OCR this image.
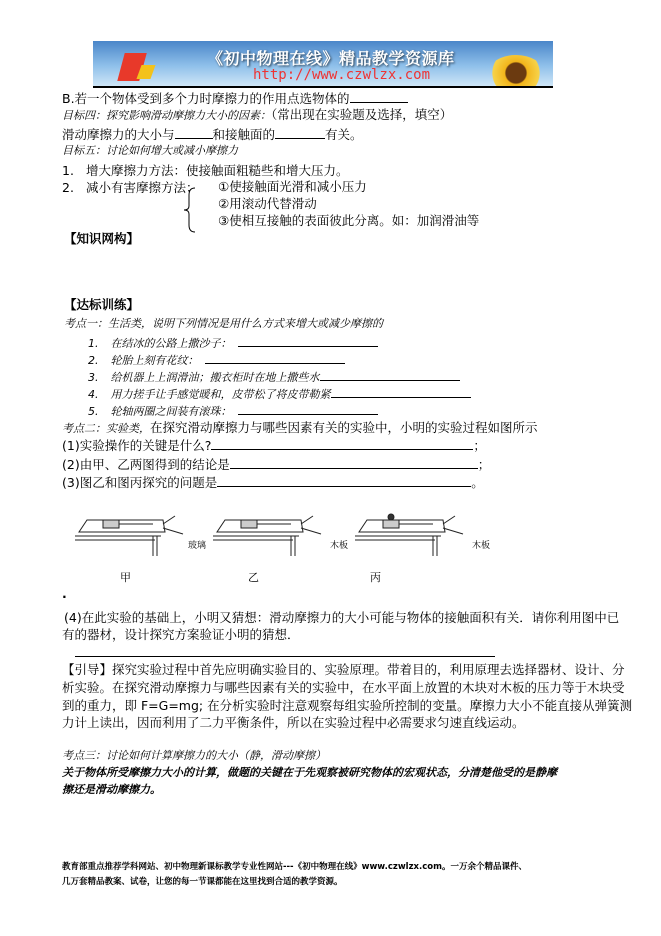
《初中物理在线》精品教学资源库
http://www.czwlzx.com
B.若一个物体受到多个力时摩擦力的作用点选物体的
目标四：探究影响滑动摩擦力大小的因素：（常出现在实验题及选择，填空）
滑动摩擦力的大小与	和接触面的	有关。
目标五：讨论如何增大或减小摩擦力
1. 增大摩擦力方法：使接触面粗糙些和增大压力。
2. 减小有害摩擦方法： ①使接触面光滑和减小压力
②用滚动代替滑动
③使相互接触的表面彼此分离。如：加润滑油等
【知识网构】
【达标训练】
考点一：生活类，说明下列情况是用什么方式来增大或减少摩擦的
1. 在结冰的公路上撒沙子：
2. 轮胎上刻有花纹：
3. 给机器上上润滑油；搬衣柜时在地上撒些水
4. 用力搓手让手感觉暖和，皮带松了将皮带勒紧
5. 轮轴两圈之间装有滚珠：
考点二：实验类，在探究滑动摩擦力与哪些因素有关的实验中，小明的实验过程如图所示
(1)实验操作的关键是什么?	；
(2)由甲、乙两图得到的结论是	；
(3)图乙和图丙探究的问题是	。
玻璃	木板	木板
甲	乙	丙
.
(4)在此实验的基础上，小明又猜想：滑动摩擦力的大小可能与物体的接触面积有关．请你利用图中已
有的器材，设计探究方案验证小明的猜想．
【引导】探究实验过程中首先应明确实验目的、实验原理。带着目的，利用原理去选择器材、设计、分
析实验。在探究滑动摩擦力与哪些因素有关的实验中，在水平面上放置的木块对木板的压力等于木块受
到的重力，即 F=G=mg; 在分析实验时注意观察每组实验所控制的变量。摩擦力大小不能直接从弹簧测
力计上读出，因而利用了二力平衡条件，所以在实验过程中必需要求匀速直线运动。
考点三：讨论如何计算摩擦力的大小（静，滑动摩擦）
关于物体所受摩擦力大小的计算，做题的关键在于先观察被研究物体的宏观状态，分清楚他受的是静摩
擦还是滑动摩擦力。
教育部重点推荐学科网站、初中物理新课标教学专业性网站---《初中物理在线》www.czwlzx.com。一万余个精品课件、
几万套精品教案、试卷，让您的每一节课都能在这里找到合适的教学资源。
